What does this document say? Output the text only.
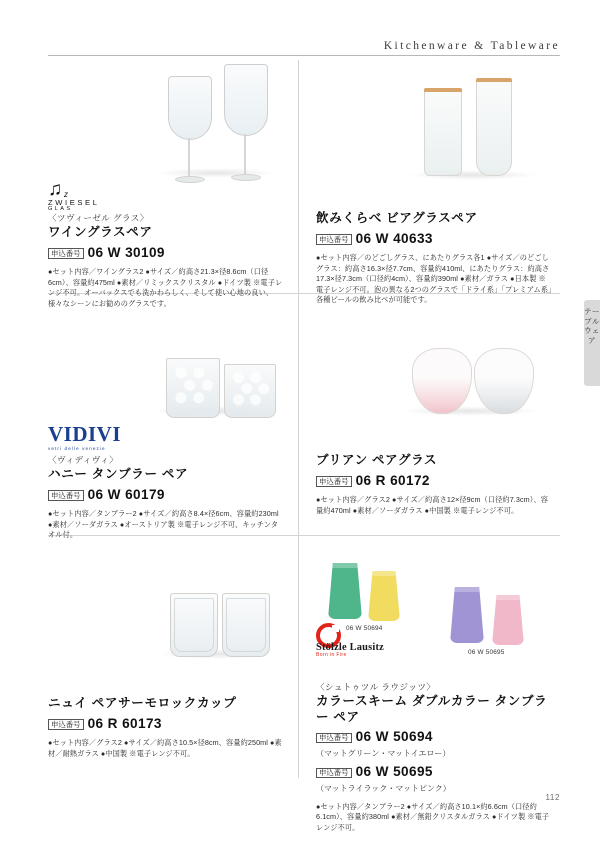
Kitchenware & Tableware
テーブルウェア
♫ z
ZWIESEL
GLAS

〈ツヴィーゼル グラス〉

ワイングラスペア

申込番号 06 W 30109

●セット内容／ワイングラス2 ●サイズ／約高さ21.3×径8.6cm（口径6cm）、容量約475ml ●素材／リミックスクリスタル ●ドイツ製 ※電子レンジ不可。オーバックスでも洗かわらしく、そして使い心地の良い、様々なシーンにお勧めのグラスです。

飲みくらべ ビアグラスペア

申込番号 06 W 40633

●セット内容／のどごしグラス、にあたりグラス各1 ●サイズ／のどごしグラス：約高さ16.3×径7.7cm、容量約410ml、にあたりグラス：約高さ17.3×径7.3cm（口径約4cm）、容量約390ml ●素材／ガラス ●日本製 ※電子レンジ不可。泡の異なる2つのグラスで「ドライ系」「プレミアム系」各種ビールの飲み比べが可能です。

VIDIVI
vetri delle venezie

〈ヴィディヴィ〉

ハニー タンブラー ペア

申込番号 06 W 60179

●セット内容／タンブラー2 ●サイズ／約高さ8.4×径6cm、容量約230ml ●素材／ソーダガラス ●オーストリア製 ※電子レンジ不可、キッチンタオル付。

ブリアン ペアグラス

申込番号 06 R 60172

●セット内容／グラス2 ●サイズ／約高さ12×径9cm（口径約7.3cm）、容量約470ml ●素材／ソーダガラス ●中国製 ※電子レンジ不可。

ニュイ ペアサーモロックカップ

申込番号 06 R 60173

●セット内容／グラス2 ●サイズ／約高さ10.5×径8cm、容量約250ml ●素材／耐熱ガラス ●中国製 ※電子レンジ不可。

06 W 50694
06 W 50695
Stölzle Lausitz
Born in Fire

〈シュトゥツル ラウジッツ〉

カラースキーム ダブルカラー タンブラー ペア

申込番号 06 W 50694
（マットグリーン・マットイエロー）
申込番号 06 W 50695
（マットライラック・マットピンク）

●セット内容／タンブラー2 ●サイズ／約高さ10.1×約6.6cm（口径約6.1cm）、容量約380ml ●素材／無鉛クリスタルガラス ●ドイツ製 ※電子レンジ不可。

112
